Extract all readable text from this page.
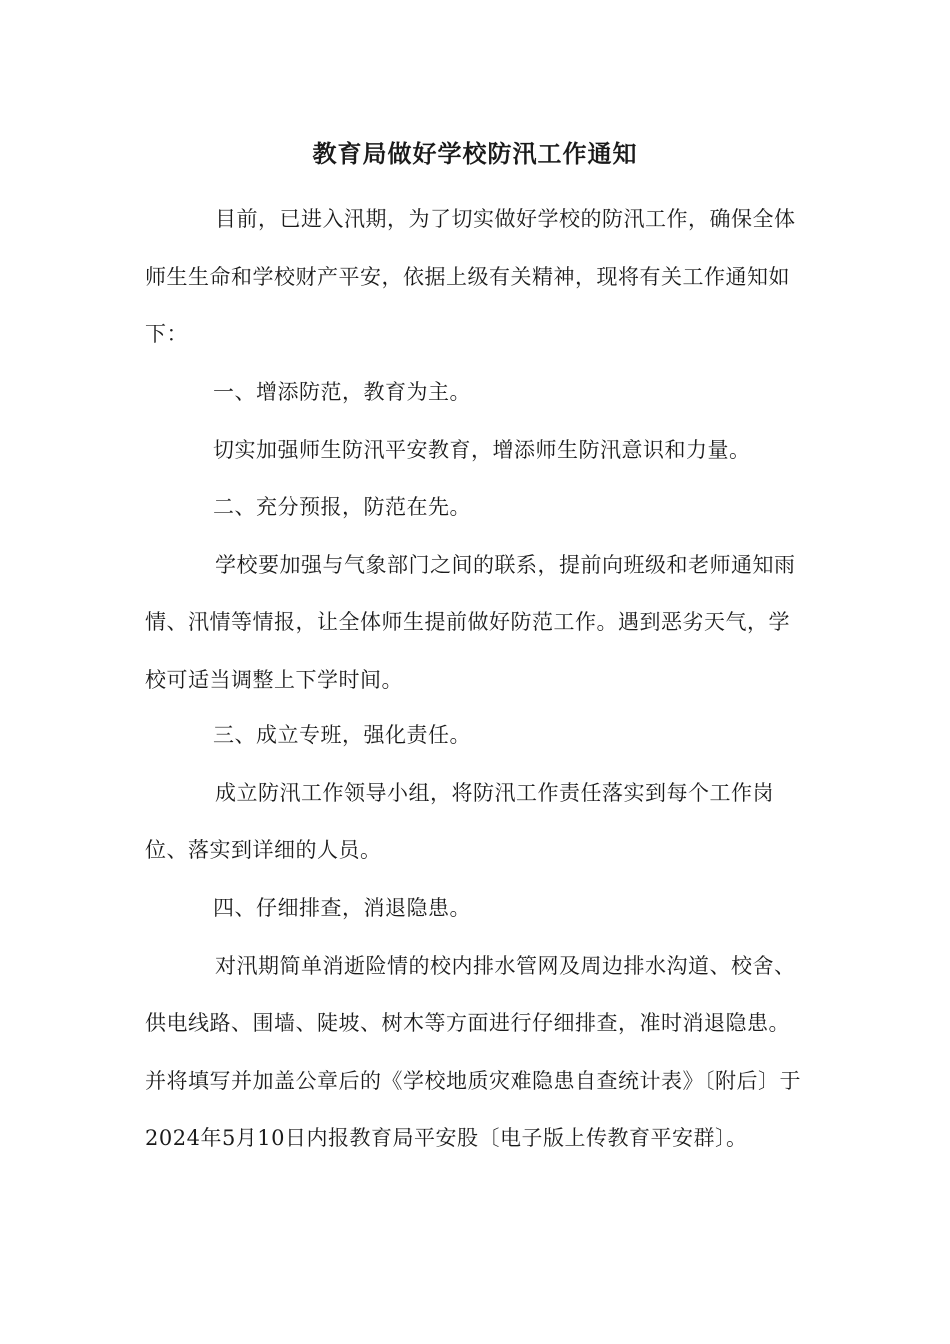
教育局做好学校防汛工作通知

目前，已进入汛期，为了切实做好学校的防汛工作，确保全体师生生命和学校财产平安，依据上级有关精神，现将有关工作通知如下：

一、增添防范，教育为主。

切实加强师生防汛平安教育，增添师生防汛意识和力量。

二、充分预报，防范在先。

学校要加强与气象部门之间的联系，提前向班级和老师通知雨情、汛情等情报，让全体师生提前做好防范工作。遇到恶劣天气，学校可适当调整上下学时间。

三、成立专班，强化责任。

成立防汛工作领导小组，将防汛工作责任落实到每个工作岗位、落实到详细的人员。

四、仔细排查，消退隐患。

对汛期简单消逝险情的校内排水管网及周边排水沟道、校舍、供电线路、围墙、陡坡、树木等方面进行仔细排查，准时消退隐患。并将填写并加盖公章后的《学校地质灾难隐患自查统计表》〔附后〕于2024年5月10日内报教育局平安股〔电子版上传教育平安群〕。
